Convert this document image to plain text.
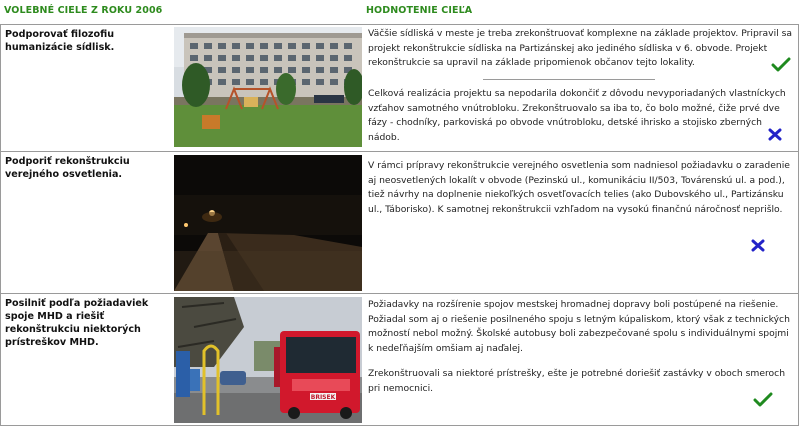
VOLEBNÉ CIELE Z ROKU 2006	HODNOTENIE CIEĽA
Podporovať filozofiu humanizácie sídlisk.

Väčšie sídliská v meste je treba zrekonštruovať komplexne na základe projektov. Pripravil sa projekt rekonštrukcie sídliska na Partizánskej ako jediného sídliska v 6. obvode. Projekt rekonštrukcie sa upravil na základe pripomienok občanov tejto lokality.

Celková realizácia projektu sa nepodarila dokončiť z dôvodu nevyporiadaných vlastníckych vzťahov samotného vnútrobloku. Zrekonštruovalo sa iba to, čo bolo možné, čiže prvé dve fázy - chodníky, parkoviská po obvode vnútrobloku, detské ihrisko a stojisko zberných nádob.

Podporiť rekonštrukciu verejného osvetlenia.

V rámci prípravy rekonštrukcie verejného osvetlenia som nadniesol požiadavku o zaradenie aj neosvetlených lokalít v obvode (Pezinskú ul., komunikáciu II/503, Továrenskú ul. a pod.), tiež návrhy na doplnenie niekoľkých osvetľovacích telies (ako Dubovského ul., Partizánsku ul., Táborisko). K samotnej rekonštrukcii vzhľadom na vysokú finančnú náročnosť neprišlo.

Posilniť podľa požiadaviek spoje MHD a riešiť rekonštrukciu niektorých prístreškov MHD.
BRISEK

Požiadavky na rozšírenie spojov mestskej hromadnej dopravy boli postúpené na riešenie. Požiadal som aj o riešenie posilneného spoju s letným kúpaliskom, ktorý však z technických možností nebol možný. Školské autobusy boli zabezpečované spolu s individuálnymi spojmi k nedeľňajším omšiam aj naďalej.

Zrekonštruovali sa niektoré prístrešky, ešte je potrebné doriešiť zastávky v oboch smeroch pri nemocnici.
